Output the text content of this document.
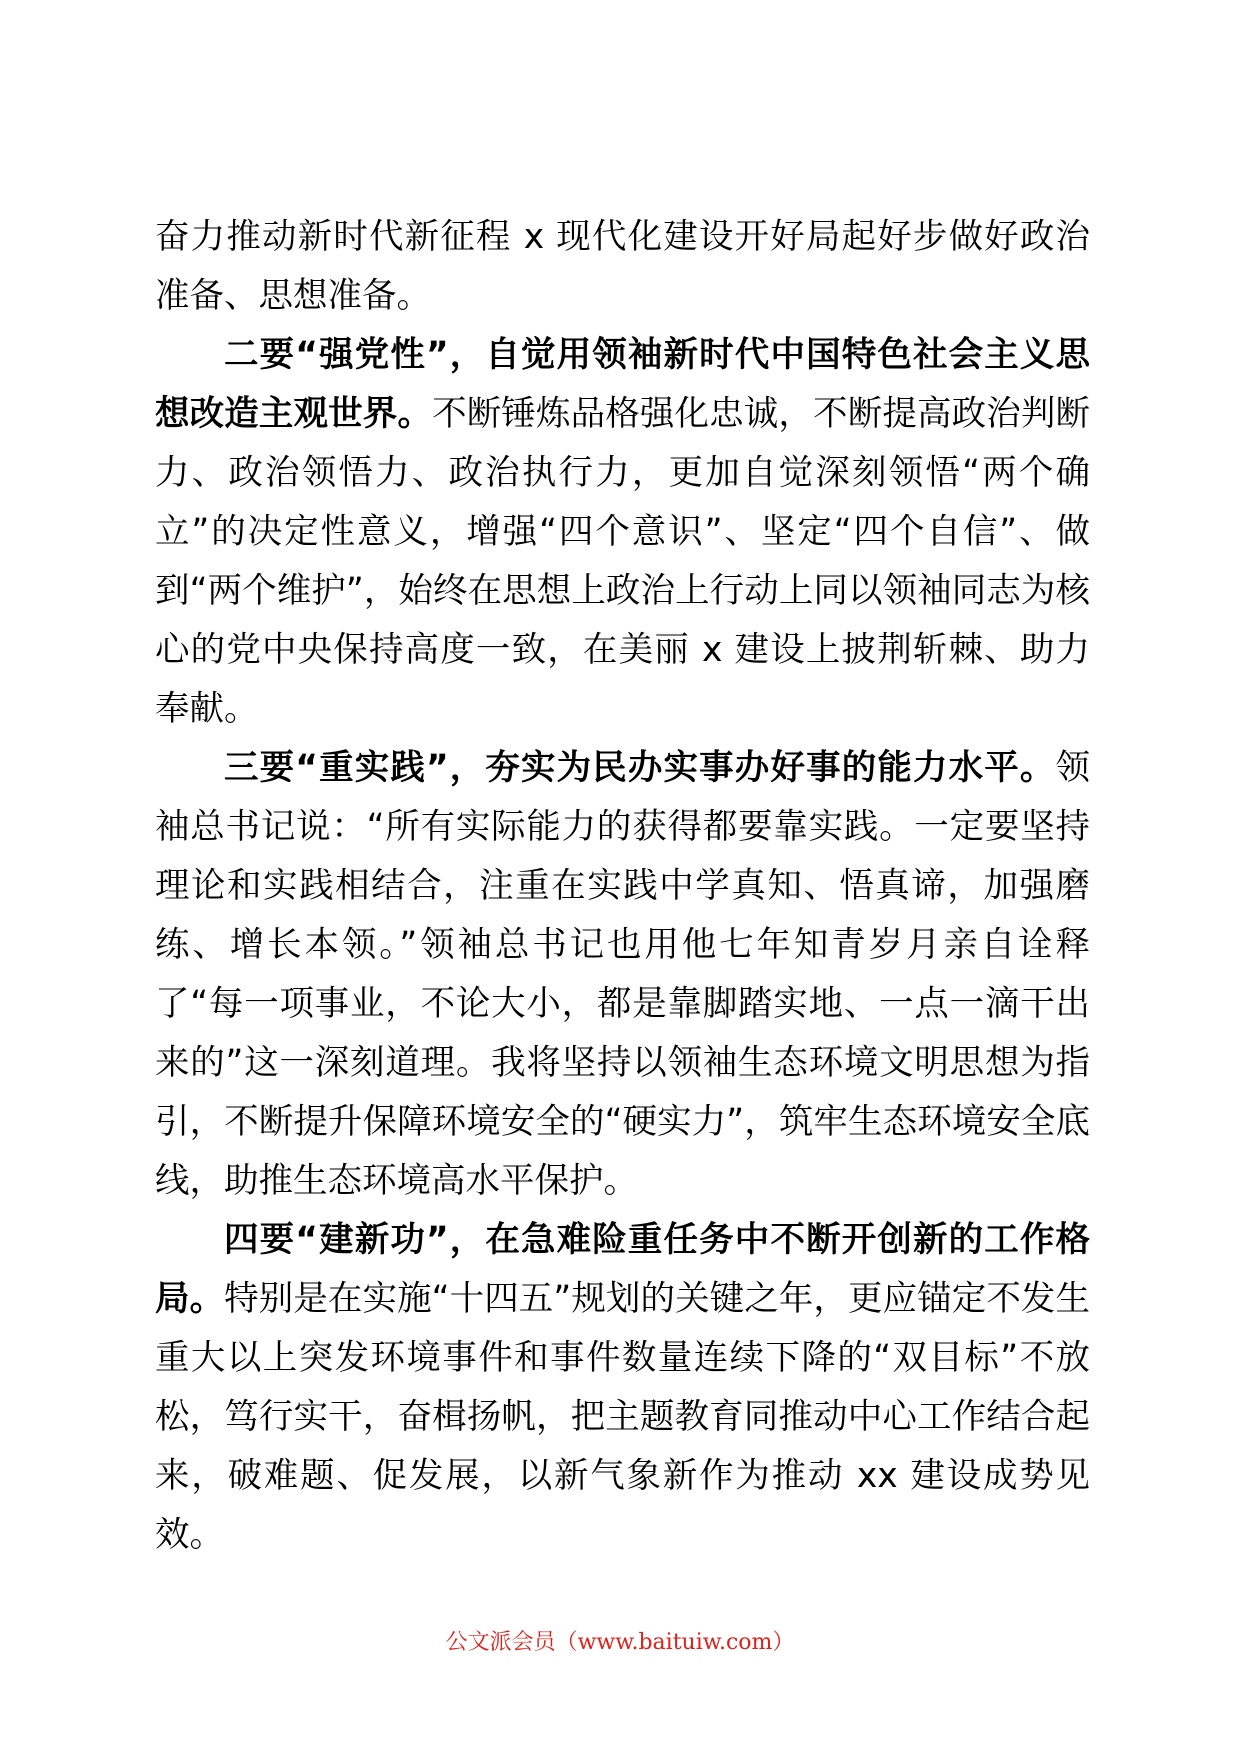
奋力推动新时代新征程 x 现代化建设开好局起好步做好政治准备、思想准备。

二要“强党性”，自觉用领袖新时代中国特色社会主义思想改造主观世界。不断锤炼品格强化忠诚，不断提高政治判断力、政治领悟力、政治执行力，更加自觉深刻领悟“两个确立”的决定性意义，增强“四个意识”、坚定“四个自信”、做到“两个维护”，始终在思想上政治上行动上同以领袖同志为核心的党中央保持高度一致，在美丽 x 建设上披荆斩棘、助力奉献。

三要“重实践”，夯实为民办实事办好事的能力水平。领袖总书记说：“所有实际能力的获得都要靠实践。一定要坚持理论和实践相结合，注重在实践中学真知、悟真谛，加强磨练、增长本领。”领袖总书记也用他七年知青岁月亲自诠释了“每一项事业，不论大小，都是靠脚踏实地、一点一滴干出来的”这一深刻道理。我将坚持以领袖生态环境文明思想为指引，不断提升保障环境安全的“硬实力”，筑牢生态环境安全底线，助推生态环境高水平保护。

四要“建新功”，在急难险重任务中不断开创新的工作格局。特别是在实施“十四五”规划的关键之年，更应锚定不发生重大以上突发环境事件和事件数量连续下降的“双目标”不放松，笃行实干，奋楫扬帆，把主题教育同推动中心工作结合起来，破难题、促发展，以新气象新作为推动 xx 建设成势见效。

公文派会员（www.baituiw.com）
